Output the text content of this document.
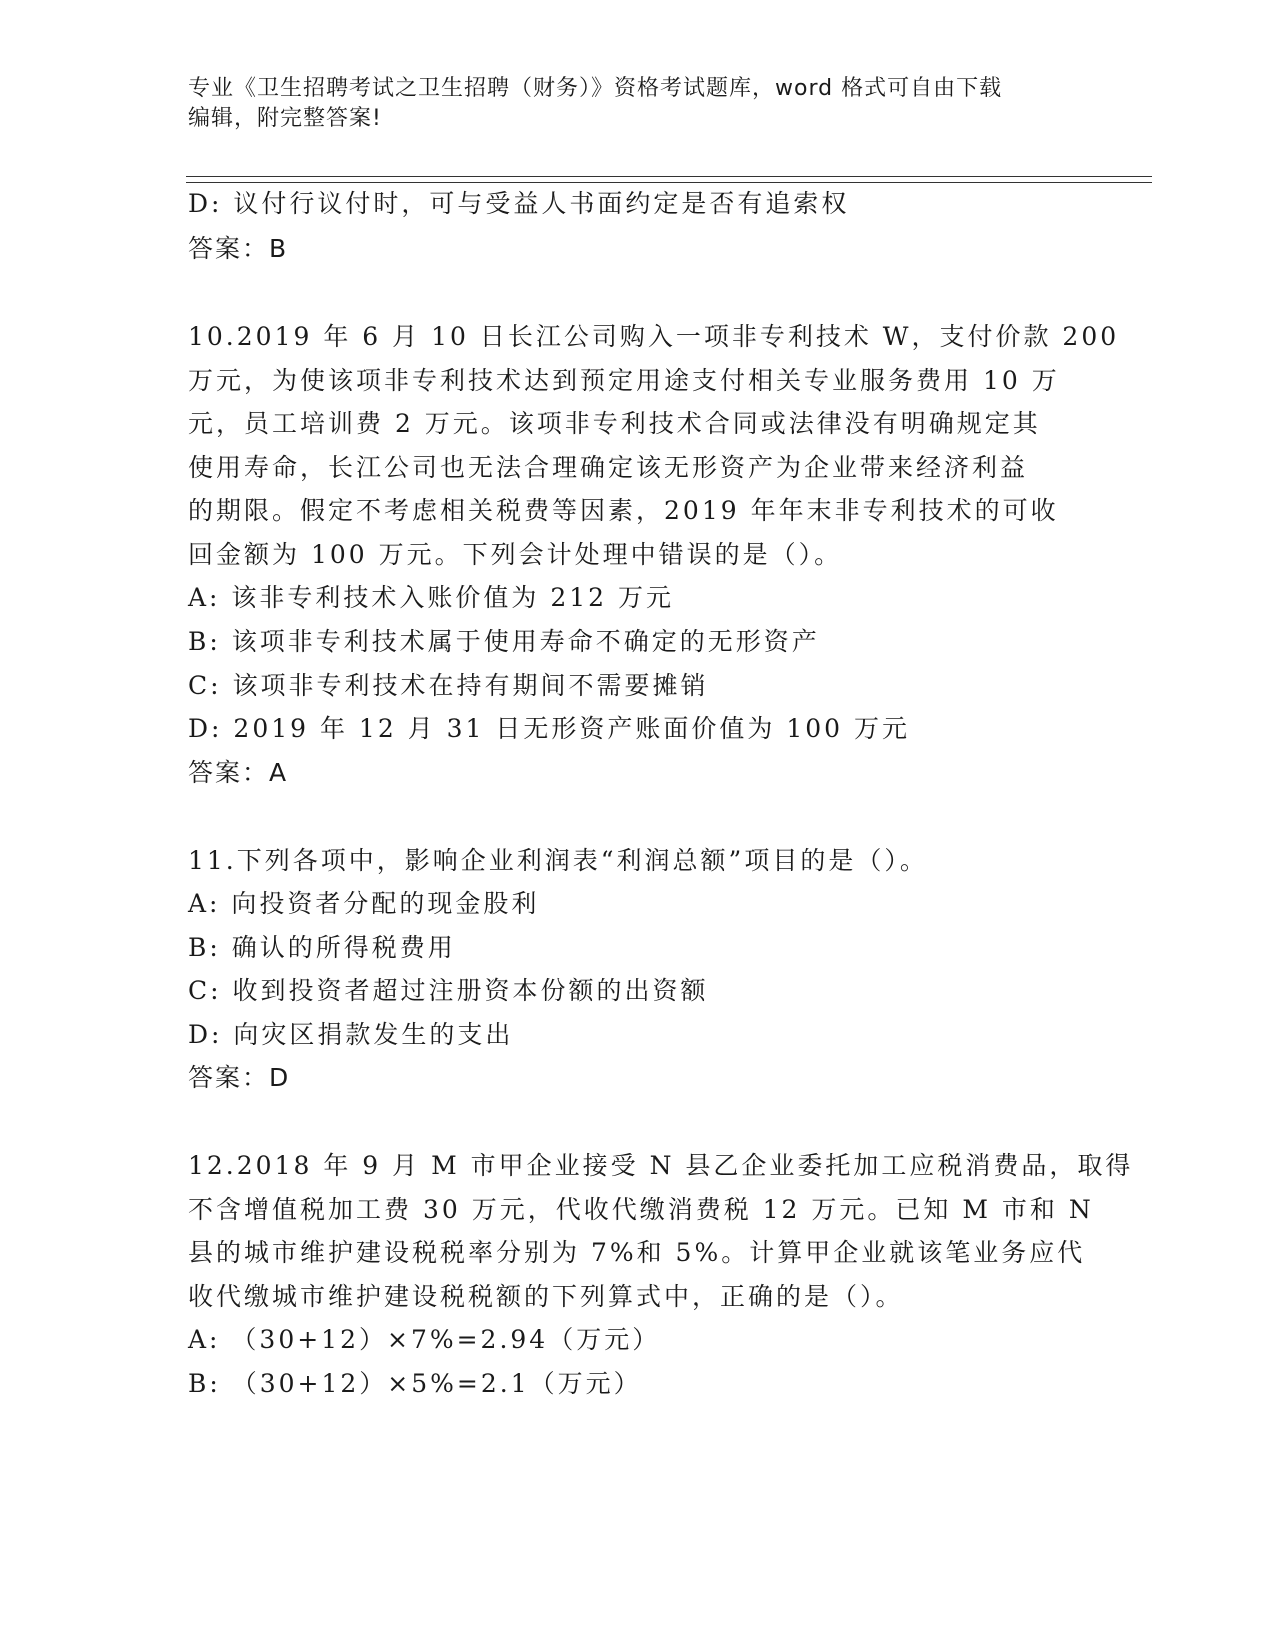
专业《卫生招聘考试之卫生招聘（财务）》资格考试题库，word 格式可自由下载
编辑，附完整答案!
D: 议付行议付时，可与受益人书面约定是否有追索权
答案：B
10.2019 年 6 月 10 日长江公司购入一项非专利技术 W，支付价款 200
万元，为使该项非专利技术达到预定用途支付相关专业服务费用 10 万
元，员工培训费 2 万元。该项非专利技术合同或法律没有明确规定其
使用寿命，长江公司也无法合理确定该无形资产为企业带来经济利益
的期限。假定不考虑相关税费等因素，2019 年年末非专利技术的可收
回金额为 100 万元。下列会计处理中错误的是（）。
A: 该非专利技术入账价值为 212 万元
B: 该项非专利技术属于使用寿命不确定的无形资产
C: 该项非专利技术在持有期间不需要摊销
D: 2019 年 12 月 31 日无形资产账面价值为 100 万元
答案：A
11.下列各项中，影响企业利润表“利润总额”项目的是（）。
A: 向投资者分配的现金股利
B: 确认的所得税费用
C: 收到投资者超过注册资本份额的出资额
D: 向灾区捐款发生的支出
答案：D
12.2018 年 9 月 M 市甲企业接受 N 县乙企业委托加工应税消费品，取得
不含增值税加工费 30 万元，代收代缴消费税 12 万元。已知 M 市和 N
县的城市维护建设税税率分别为 7%和 5%。计算甲企业就该笔业务应代
收代缴城市维护建设税税额的下列算式中，正确的是（）。
A: （30+12）×7%=2.94（万元）
B: （30+12）×5%=2.1（万元）
